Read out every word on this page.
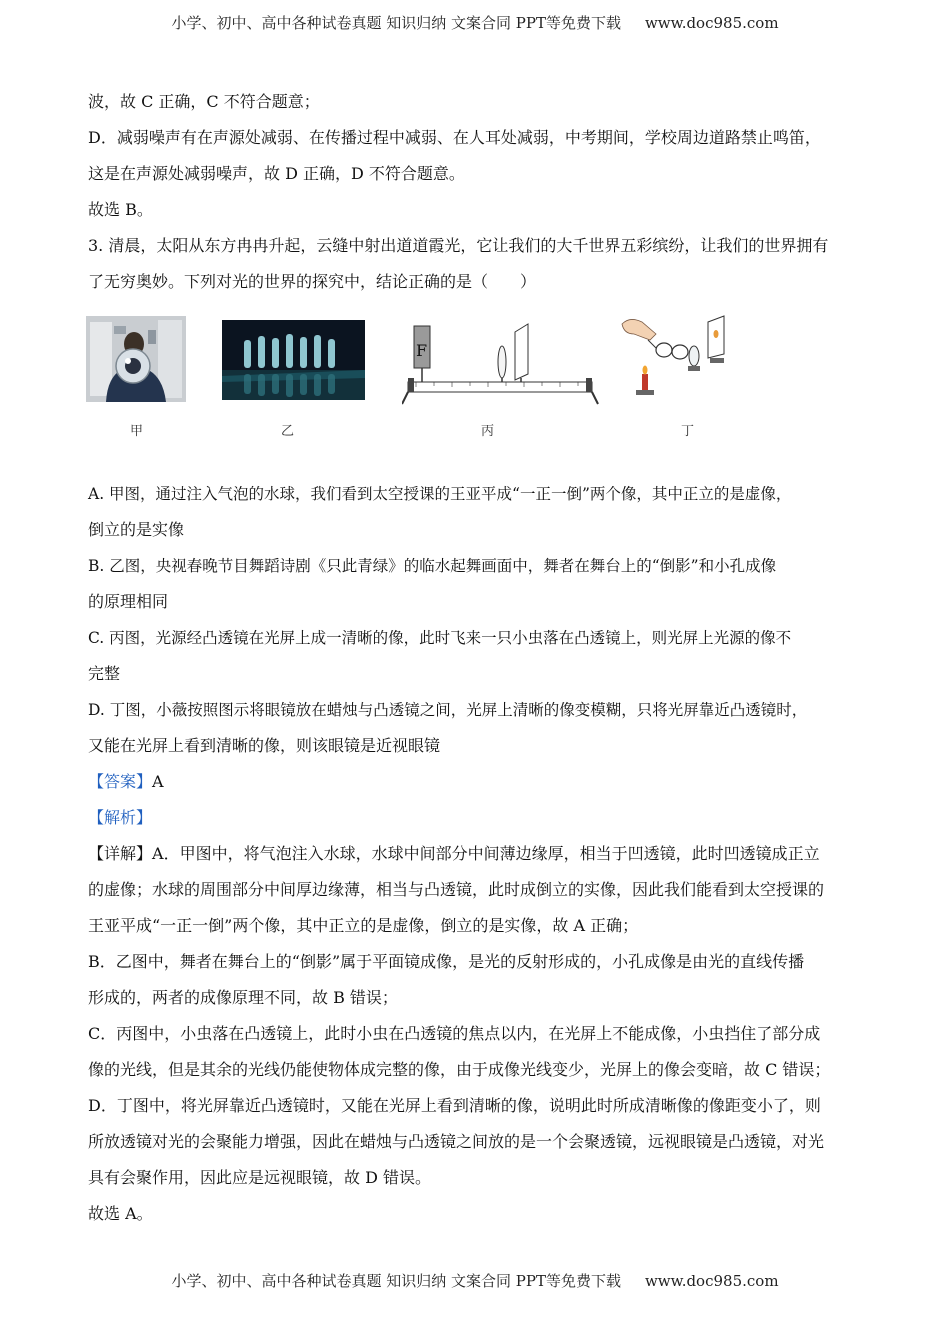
小学、初中、高中各种试卷真题 知识归纳 文案合同 PPT等免费下载 www.doc985.com
波，故 C 正确，C 不符合题意；
D．减弱噪声有在声源处减弱、在传播过程中减弱、在人耳处减弱，中考期间，学校周边道路禁止鸣笛，
这是在声源处减弱噪声，故 D 正确，D 不符合题意。
故选 B。
3. 清晨，太阳从东方冉冉升起，云缝中射出道道霞光，它让我们的大千世界五彩缤纷，让我们的世界拥有
了无穷奥妙。下列对光的世界的探究中，结论正确的是（　　）
F
甲	乙	丙	丁
A. 甲图，通过注入气泡的水球，我们看到太空授课的王亚平成“一正一倒”两个像，其中正立的是虚像，
倒立的是实像
B. 乙图，央视春晚节目舞蹈诗剧《只此青绿》的临水起舞画面中，舞者在舞台上的“倒影”和小孔成像
的原理相同
C. 丙图，光源经凸透镜在光屏上成一清晰的像，此时飞来一只小虫落在凸透镜上，则光屏上光源的像不
完整
D. 丁图，小薇按照图示将眼镜放在蜡烛与凸透镜之间，光屏上清晰的像变模糊，只将光屏靠近凸透镜时，
又能在光屏上看到清晰的像，则该眼镜是近视眼镜
【答案】A
【解析】
【详解】A．甲图中，将气泡注入水球，水球中间部分中间薄边缘厚，相当于凹透镜，此时凹透镜成正立
的虚像；水球的周围部分中间厚边缘薄，相当与凸透镜，此时成倒立的实像，因此我们能看到太空授课的
王亚平成“一正一倒”两个像，其中正立的是虚像，倒立的是实像，故 A 正确；
B．乙图中，舞者在舞台上的“倒影”属于平面镜成像，是光的反射形成的，小孔成像是由光的直线传播
形成的，两者的成像原理不同，故 B 错误；
C．丙图中，小虫落在凸透镜上，此时小虫在凸透镜的焦点以内，在光屏上不能成像，小虫挡住了部分成
像的光线，但是其余的光线仍能使物体成完整的像，由于成像光线变少，光屏上的像会变暗，故 C 错误；
D．丁图中，将光屏靠近凸透镜时，又能在光屏上看到清晰的像，说明此时所成清晰像的像距变小了，则
所放透镜对光的会聚能力增强，因此在蜡烛与凸透镜之间放的是一个会聚透镜，远视眼镜是凸透镜，对光
具有会聚作用，因此应是远视眼镜，故 D 错误。
故选 A。
小学、初中、高中各种试卷真题 知识归纳 文案合同 PPT等免费下载 www.doc985.com
